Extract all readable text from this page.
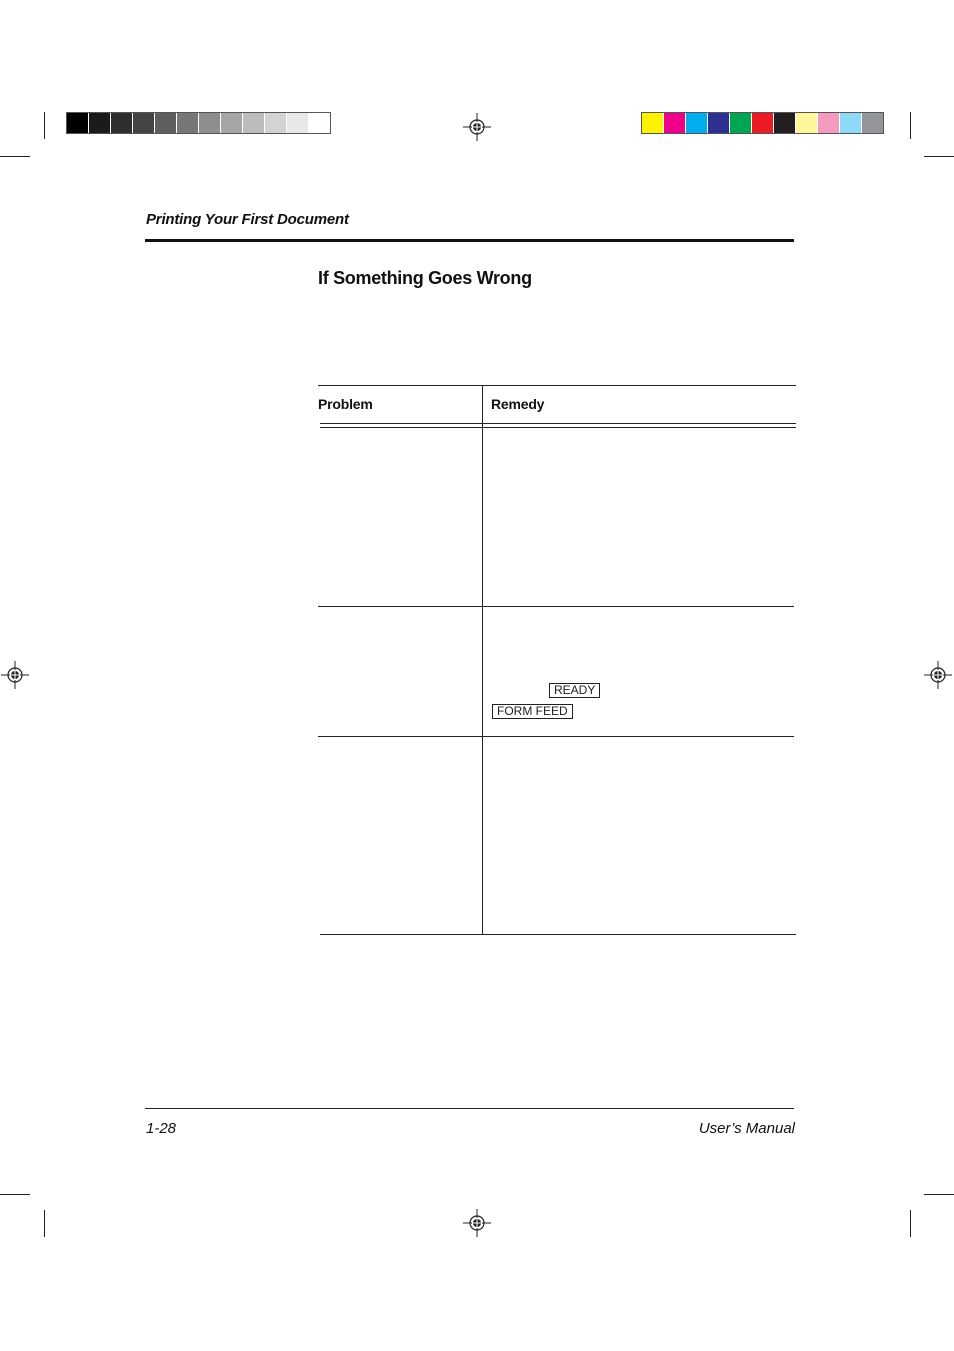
Printing Your First Document
If Something Goes Wrong
Problem	Remedy
READY
FORM FEED
1-28	User’s Manual
